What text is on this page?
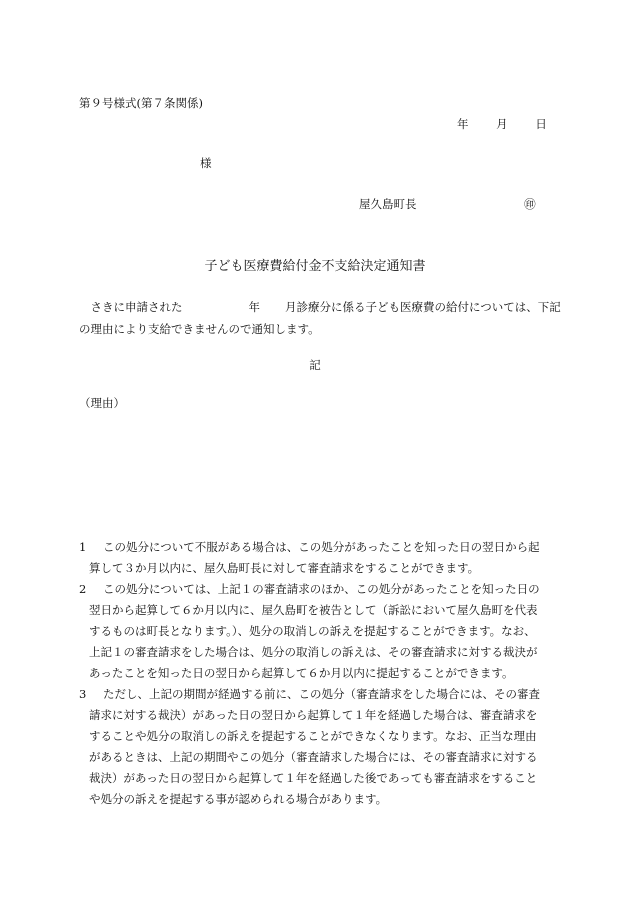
第９号様式(第７条関係)
年 月 日
様
屋久島町長	㊞
子ども医療費給付金不支給決定通知書
　さきに申請された	年 月診療分に係る子ども医療費の給付については、下記
の理由により支給できませんので通知します。
記
（理由）
1	この処分について不服がある場合は、この処分があったことを知った日の翌日から起
算して３か月以内に、屋久島町長に対して審査請求をすることができます。
2	この処分については、上記１の審査請求のほか、この処分があったことを知った日の
翌日から起算して６か月以内に、屋久島町を被告として（訴訟において屋久島町を代表
するものは町長となります。）、処分の取消しの訴えを提起することができます。なお、
上記１の審査請求をした場合は、処分の取消しの訴えは、その審査請求に対する裁決が
あったことを知った日の翌日から起算して６か月以内に提起することができます。
3	ただし、上記の期間が経過する前に、この処分（審査請求をした場合には、その審査
請求に対する裁決）があった日の翌日から起算して１年を経過した場合は、審査請求を
することや処分の取消しの訴えを提起することができなくなります。なお、正当な理由
があるときは、上記の期間やこの処分（審査請求した場合には、その審査請求に対する
裁決）があった日の翌日から起算して１年を経過した後であっても審査請求をすること
や処分の訴えを提起する事が認められる場合があります。
